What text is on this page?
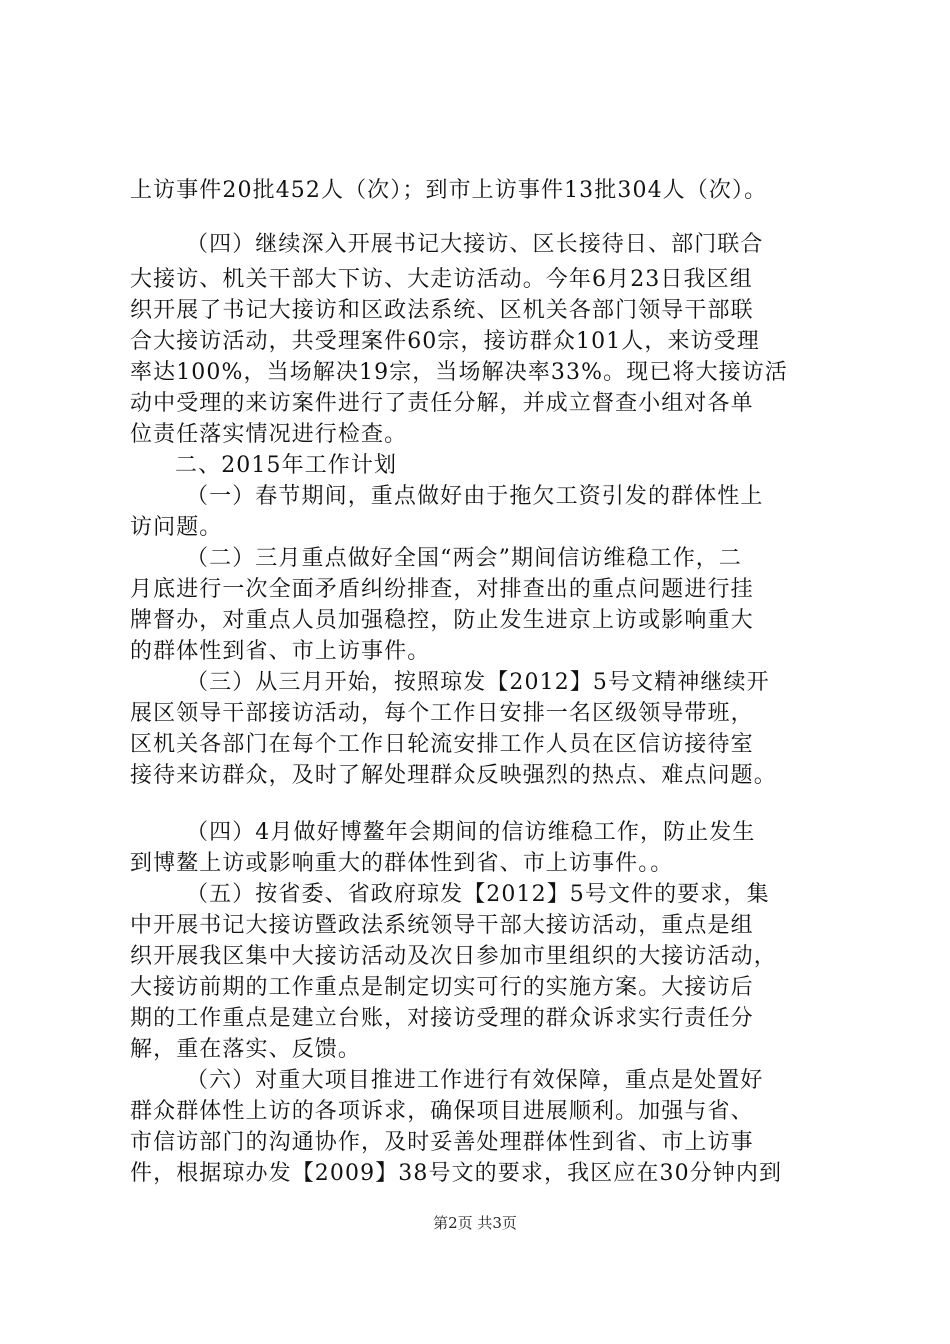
上访事件20批452人（次）；到市上访事件13批304人（次）。
（四）继续深入开展书记大接访、区长接待日、部门联合
大接访、机关干部大下访、大走访活动。今年6月23日我区组
织开展了书记大接访和区政法系统、区机关各部门领导干部联
合大接访活动，共受理案件60宗，接访群众101人，来访受理
率达100%，当场解决19宗，当场解决率33%。现已将大接访活
动中受理的来访案件进行了责任分解，并成立督查小组对各单
位责任落实情况进行检查。
二、2015年工作计划
（一）春节期间，重点做好由于拖欠工资引发的群体性上
访问题。
（二）三月重点做好全国“两会”期间信访维稳工作，二
月底进行一次全面矛盾纠纷排查，对排查出的重点问题进行挂
牌督办，对重点人员加强稳控，防止发生进京上访或影响重大
的群体性到省、市上访事件。
（三）从三月开始，按照琼发【2012】5号文精神继续开
展区领导干部接访活动，每个工作日安排一名区级领导带班，
区机关各部门在每个工作日轮流安排工作人员在区信访接待室
接待来访群众，及时了解处理群众反映强烈的热点、难点问题。
（四）4月做好博鳌年会期间的信访维稳工作，防止发生
到博鳌上访或影响重大的群体性到省、市上访事件。。
（五）按省委、省政府琼发【2012】5号文件的要求，集
中开展书记大接访暨政法系统领导干部大接访活动，重点是组
织开展我区集中大接访活动及次日参加市里组织的大接访活动，
大接访前期的工作重点是制定切实可行的实施方案。大接访后
期的工作重点是建立台账，对接访受理的群众诉求实行责任分
解，重在落实、反馈。
（六）对重大项目推进工作进行有效保障，重点是处置好
群众群体性上访的各项诉求，确保项目进展顺利。加强与省、
市信访部门的沟通协作，及时妥善处理群体性到省、市上访事
件，根据琼办发【2009】38号文的要求，我区应在30分钟内到
第2页 共3页
